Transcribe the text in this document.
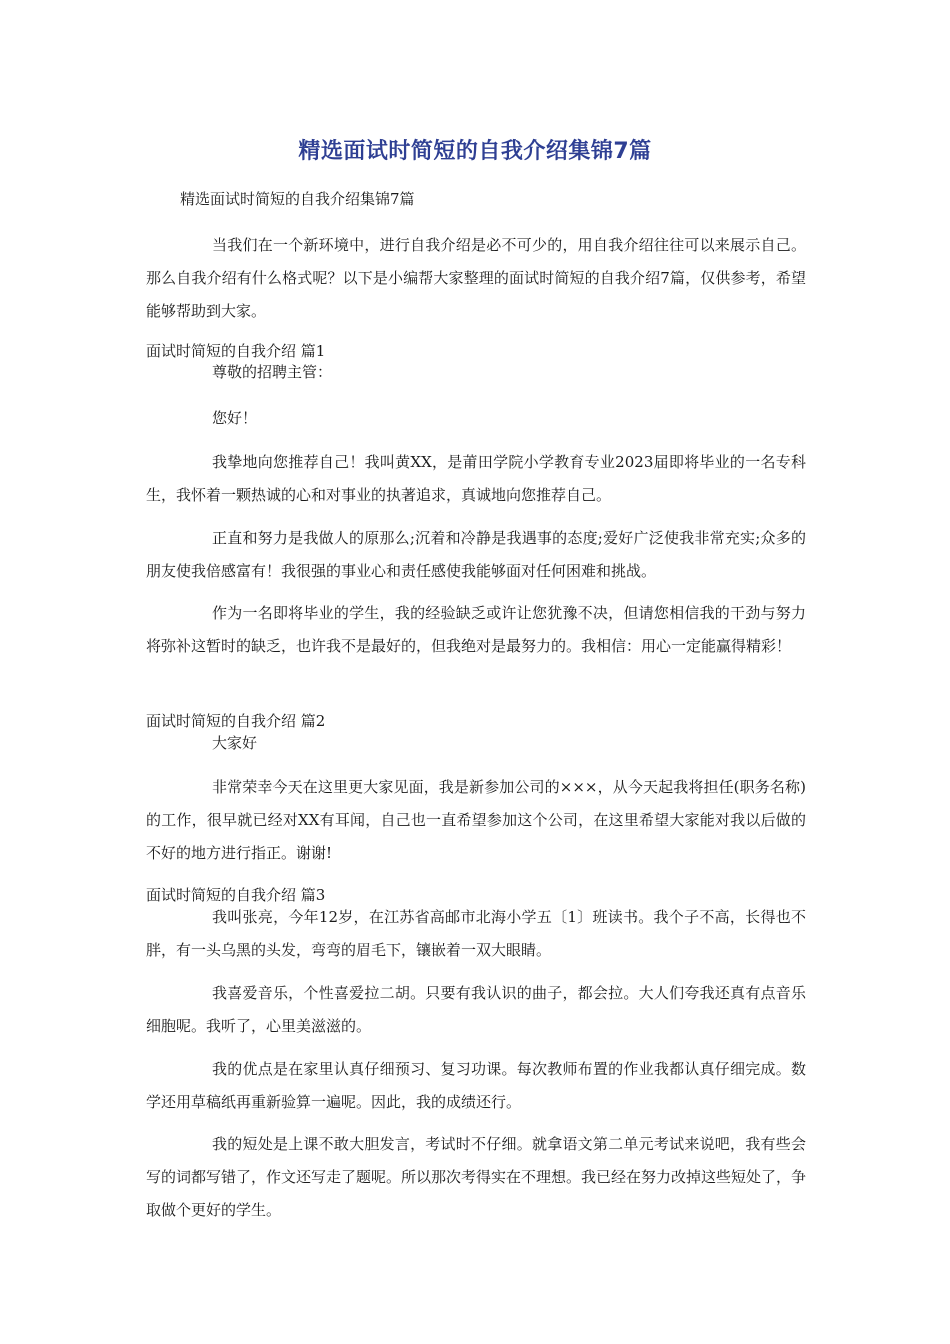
精选面试时简短的自我介绍集锦7篇
精选面试时简短的自我介绍集锦7篇

当我们在一个新环境中，进行自我介绍是必不可少的，用自我介绍往往可以来展示自己。那么自我介绍有什么格式呢？以下是小编帮大家整理的面试时简短的自我介绍7篇，仅供参考，希望能够帮助到大家。

面试时简短的自我介绍 篇1

尊敬的招聘主管：

您好！

我挚地向您推荐自己！我叫黄XX，是莆田学院小学教育专业2023届即将毕业的一名专科生，我怀着一颗热诚的心和对事业的执著追求，真诚地向您推荐自己。

正直和努力是我做人的原那么;沉着和冷静是我遇事的态度;爱好广泛使我非常充实;众多的朋友使我倍感富有！我很强的事业心和责任感使我能够面对任何困难和挑战。

作为一名即将毕业的学生，我的经验缺乏或许让您犹豫不决，但请您相信我的干劲与努力将弥补这暂时的缺乏，也许我不是最好的，但我绝对是最努力的。我相信：用心一定能赢得精彩！

面试时简短的自我介绍 篇2

大家好

非常荣幸今天在这里更大家见面，我是新参加公司的×××，从今天起我将担任(职务名称)的工作，很早就已经对XX有耳闻，自己也一直希望参加这个公司，在这里希望大家能对我以后做的不好的地方进行指正。谢谢!

面试时简短的自我介绍 篇3

我叫张亮，今年12岁，在江苏省高邮市北海小学五〔1〕班读书。我个子不高，长得也不胖，有一头乌黑的头发，弯弯的眉毛下，镶嵌着一双大眼睛。

我喜爱音乐，个性喜爱拉二胡。只要有我认识的曲子，都会拉。大人们夸我还真有点音乐细胞呢。我听了，心里美滋滋的。

我的优点是在家里认真仔细预习、复习功课。每次教师布置的作业我都认真仔细完成。数学还用草稿纸再重新验算一遍呢。因此，我的成绩还行。

我的短处是上课不敢大胆发言，考试时不仔细。就拿语文第二单元考试来说吧，我有些会写的词都写错了，作文还写走了题呢。所以那次考得实在不理想。我已经在努力改掉这些短处了，争取做个更好的学生。
